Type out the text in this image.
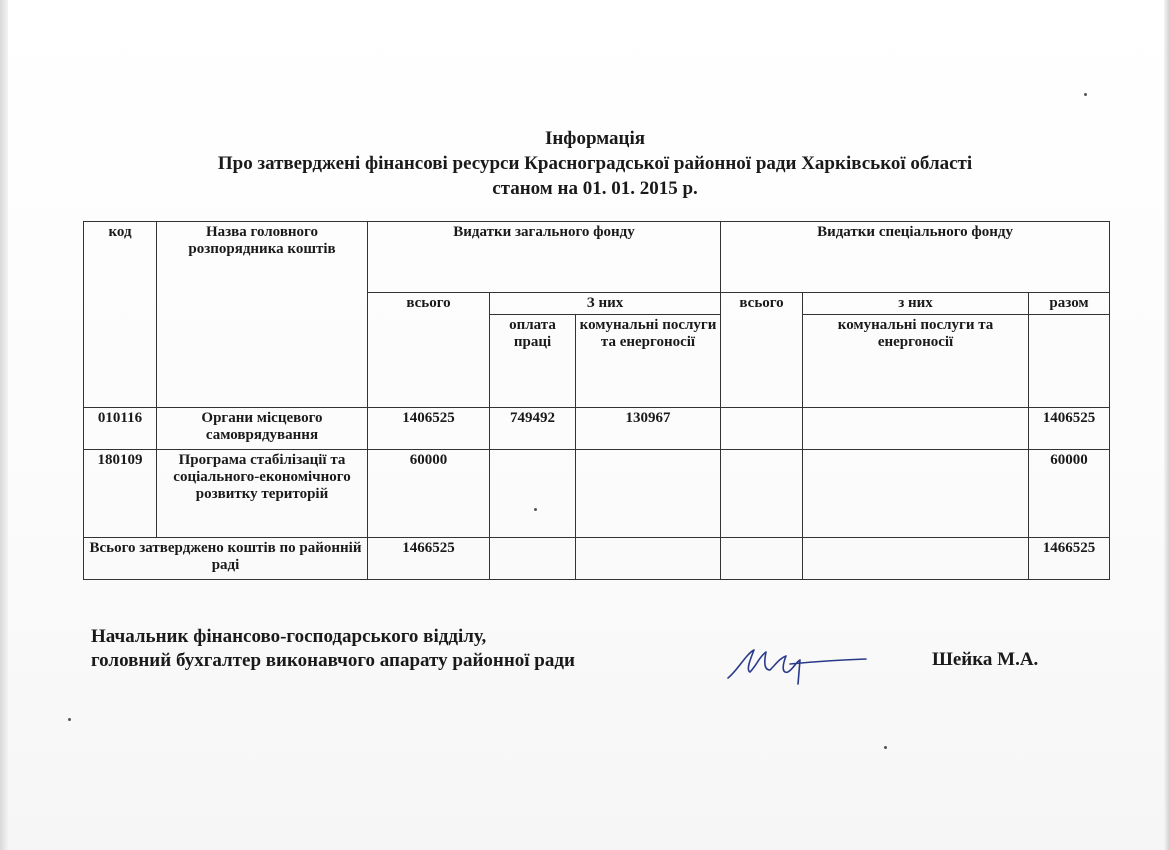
Інформація
Про затверджені фінансові ресурси Красноградської районної ради Харківської області
станом на 01. 01. 2015 р.
код	Назва головного розпорядника коштів	Видатки загального фонду			Видатки спеціального фонду		
		всього	З них		всього	з них	разом
			оплата праці	комунальні послуги та енергоносії		комунальні послуги та енергоносії	
010116	Органи місцевого самоврядування	1406525	749492	130967			1406525
180109	Програма стабілізації та соціального-економічного розвитку територій	60000					60000
Всього затверджено коштів по районній раді		1466525					1466525
Начальник фінансово-господарського відділу,
головний бухгалтер виконавчого апарату районної ради	Шейка М.А.
